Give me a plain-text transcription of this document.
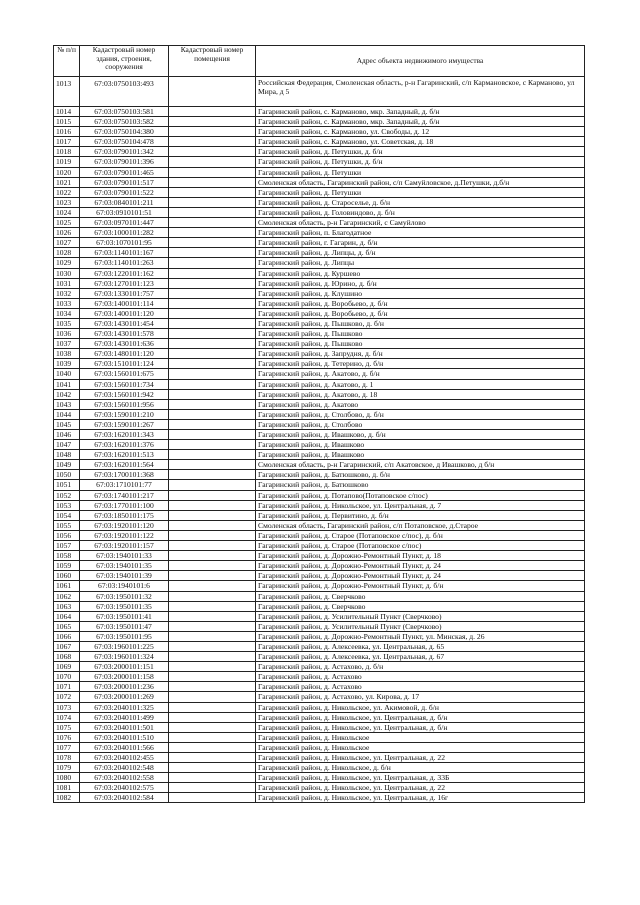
№ п/п	Кадастровый номер здания, строения, сооружения	Кадастровый номер помещения	Адрес объекта недвижимого имущества
1013	67:03:0750103:493		Российская Федерация, Смоленская область, р-н Гагаринский, с/п Кармановское, с Карманово, ул Мира, д 5
1014	67:03:0750103:581		Гагаринский район, с. Карманово, мкр. Западный, д. б/н
1015	67:03:0750103:582		Гагаринский район, с. Карманово, мкр. Западный, д. б/н
1016	67:03:0750104:380		Гагаринский район, с. Карманово, ул. Свободы, д. 12
1017	67:03:0750104:478		Гагаринский район, с. Карманово, ул. Советская, д. 18
1018	67:03:0790101:342		Гагаринский район, д. Петушки, д. б/н
1019	67:03:0790101:396		Гагаринский район, д. Петушки, д. б/н
1020	67:03:0790101:465		Гагаринский район, д. Петушки
1021	67:03:0790101:517		Смоленская область, Гагаринский район, с/п Самуйловское, д.Петушки, д.б/н
1022	67:03:0790101:522		Гагаринский район, д. Петушки
1023	67:03:0840101:211		Гагаринский район, д. Староселье, д. б/н
1024	67:03:0910101:51		Гагаринский район, д. Головиндово, д. б/н
1025	67:03:0970101:447		Смоленская область, р-н Гагаринский, с Самуйлово
1026	67:03:1000101:282		Гагаринский район, п. Благодатное
1027	67:03:1070101:95		Гагаринский район, г. Гагарин, д. б/н
1028	67:03:1140101:167		Гагаринский район, д. Липцы, д. б/н
1029	67:03:1140101:263		Гагаринский район, д. Липцы
1030	67:03:1220101:162		Гагаринский район, д. Куршево
1031	67:03:1270101:123		Гагаринский район, д. Юрино, д. б/н
1032	67:03:1330101:757		Гагаринский район, д. Клушино
1033	67:03:1400101:114		Гагаринский район, д. Воробьево, д. б/н
1034	67:03:1400101:120		Гагаринский район, д. Воробьево, д. б/н
1035	67:03:1430101:454		Гагаринский район, д. Пышково, д. б/н
1036	67:03:1430101:578		Гагаринский район, д. Пышково
1037	67:03:1430101:636		Гагаринский район, д. Пышково
1038	67:03:1480101:120		Гагаринский район, д. Запрудня, д. б/н
1039	67:03:1510101:124		Гагаринский район, д. Тетерино, д. б/н
1040	67:03:1560101:675		Гагаринский район, д. Акатово, д. б/н
1041	67:03:1560101:734		Гагаринский район, д. Акатово, д. 1
1042	67:03:1560101:942		Гагаринский район, д. Акатово, д. 18
1043	67:03:1560101:956		Гагаринский район, д. Акатово
1044	67:03:1590101:210		Гагаринский район, д. Столбово, д. б/н
1045	67:03:1590101:267		Гагаринский район, д. Столбово
1046	67:03:1620101:343		Гагаринский район, д. Ивашково, д. б/н
1047	67:03:1620101:376		Гагаринский район, д. Ивашково
1048	67:03:1620101:513		Гагаринский район, д. Ивашково
1049	67:03:1620101:564		Смоленская область, р-н Гагаринский, с/п Акатовское, д Ивашково, д б/н
1050	67:03:1700101:368		Гагаринский район, д. Батюшково, д. б/н
1051	67:03:1710101:77		Гагаринский район, д. Батюшково
1052	67:03:1740101:217		Гагаринский район, д. Потапово(Потаповское с/пос)
1053	67:03:1770101:100		Гагаринский район, д. Никольское, ул. Центральная, д. 7
1054	67:03:1850101:175		Гагаринский район, д. Первитино, д. б/н
1055	67:03:1920101:120		Смоленская область, Гагаринский район, с/п Потаповское, д.Старое
1056	67:03:1920101:122		Гагаринский район, д. Старое (Потаповское с/пос), д. б/н
1057	67:03:1920101:157		Гагаринский район, д. Старое (Потаповское с/пос)
1058	67:03:1940101:33		Гагаринский район, д. Дорожно-Ремонтный Пункт, д. 18
1059	67:03:1940101:35		Гагаринский район, д. Дорожно-Ремонтный Пункт, д. 24
1060	67:03:1940101:39		Гагаринский район, д. Дорожно-Ремонтный Пункт, д. 24
1061	67:03:1940101:6		Гагаринский район, д. Дорожно-Ремонтный Пункт, д. б/н
1062	67:03:1950101:32		Гагаринский район, д. Сверчково
1063	67:03:1950101:35		Гагаринский район, д. Сверчково
1064	67:03:1950101:41		Гагаринский район, д. Усилительный Пункт (Сверчково)
1065	67:03:1950101:47		Гагаринский район, д. Усилительный Пункт (Сверчково)
1066	67:03:1950101:95		Гагаринский район, д. Дорожно-Ремонтный Пункт, ул. Минская, д. 26
1067	67:03:1960101:225		Гагаринский район, д. Алексеевка, ул. Центральная, д. 65
1068	67:03:1960101:324		Гагаринский район, д. Алексеевка, ул. Центральная, д. 67
1069	67:03:2000101:151		Гагаринский район, д. Астахово, д. б/н
1070	67:03:2000101:158		Гагаринский район, д. Астахово
1071	67:03:2000101:236		Гагаринский район, д. Астахово
1072	67:03:2000101:269		Гагаринский район, д. Астахово, ул. Кирова, д. 17
1073	67:03:2040101:325		Гагаринский район, д. Никольское, ул. Акимовой, д. б/н
1074	67:03:2040101:499		Гагаринский район, д. Никольское, ул. Центральная, д. б/н
1075	67:03:2040101:501		Гагаринский район, д. Никольское, ул. Центральная, д. б/н
1076	67:03:2040101:510		Гагаринский район, д. Никольское
1077	67:03:2040101:566		Гагаринский район, д. Никольское
1078	67:03:2040102:455		Гагаринский район, д. Никольское, ул. Центральная, д. 22
1079	67:03:2040102:548		Гагаринский район, д. Никольское, д. б/н
1080	67:03:2040102:558		Гагаринский район, д. Никольское, ул. Центральная, д. 33Б
1081	67:03:2040102:575		Гагаринский район, д. Никольское, ул. Центральная, д. 22
1082	67:03:2040102:584		Гагаринский район, д. Никольское, ул. Центральная, д. 16г
